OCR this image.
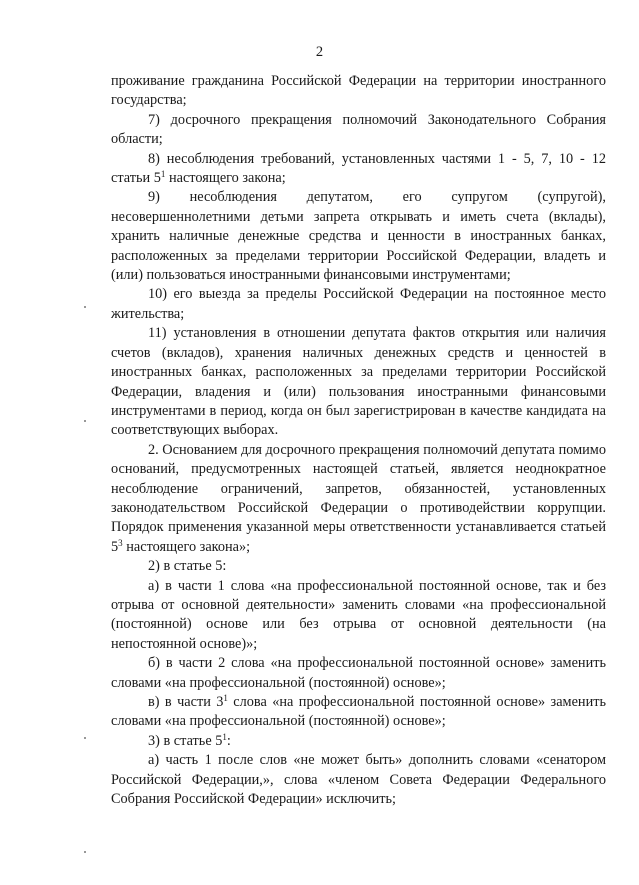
2

проживание гражданина Российской Федерации на территории иностранного государства;

7) досрочного прекращения полномочий Законодательного Собрания области;

8) несоблюдения требований, установленных частями 1 - 5, 7, 10 - 12 статьи $5^1$ настоящего закона;

9) несоблюдения депутатом, его супругом (супругой), несовершеннолетними детьми запрета открывать и иметь счета (вклады), хранить наличные денежные средства и ценности в иностранных банках, расположенных за пределами территории Российской Федерации, владеть и (или) пользоваться иностранными финансовыми инструментами;

10) его выезда за пределы Российской Федерации на постоянное место жительства;

11) установления в отношении депутата фактов открытия или наличия счетов (вкладов), хранения наличных денежных средств и ценностей в иностранных банках, расположенных за пределами территории Российской Федерации, владения и (или) пользования иностранными финансовыми инструментами в период, когда он был зарегистрирован в качестве кандидата на соответствующих выборах.

2. Основанием для досрочного прекращения полномочий депутата помимо оснований, предусмотренных настоящей статьей, является неоднократное несоблюдение ограничений, запретов, обязанностей, установленных законодательством Российской Федерации о противодействии коррупции. Порядок применения указанной меры ответственности устанавливается статьей $5^3$ настоящего закона»;

2) в статье 5:

а) в части 1 слова «на профессиональной постоянной основе, так и без отрыва от основной деятельности» заменить словами «на профессиональной (постоянной) основе или без отрыва от основной деятельности (на непостоянной основе)»;

б) в части 2 слова «на профессиональной постоянной основе» заменить словами «на профессиональной (постоянной) основе»;

в) в части $3^1$ слова «на профессиональной постоянной основе» заменить словами «на профессиональной (постоянной) основе»;

3) в статье $5^1$:

а) часть 1 после слов «не может быть» дополнить словами «сенатором Российской Федерации,», слова «членом Совета Федерации Федерального Собрания Российской Федерации» исключить;
